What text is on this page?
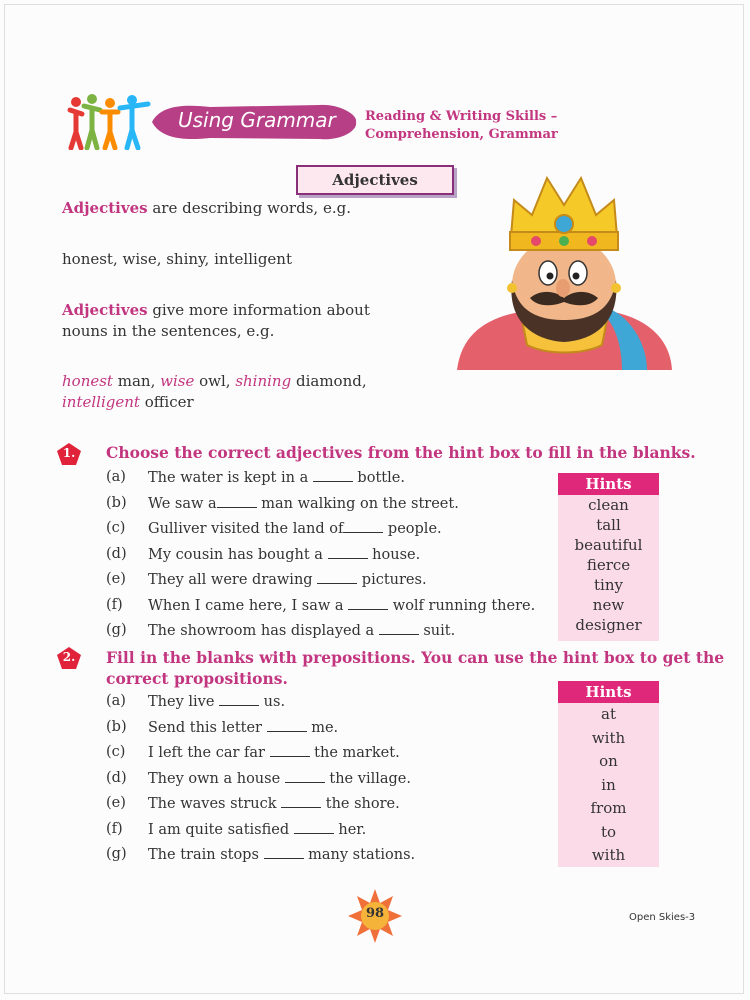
Using Grammar Reading & Writing Skills –
Comprehension, Grammar
Adjectives
Adjectives are describing words, e.g.
honest, wise, shiny, intelligent
Adjectives give more information about
nouns in the sentences, e.g.
honest man, wise owl, shining diamond,
intelligent officer
1.	Choose the correct adjectives from the hint box to fill in the blanks.
(a) The water is kept in a	bottle.
(b) We saw a	man walking on the street.
(c) Gulliver visited the land of	people.
(d) My cousin has bought a	house.
(e) They all were drawing	pictures.
(f) When I came here, I saw a	wolf running there.
(g) The showroom has displayed a	suit.
Hints
clean
tall
beautiful
fierce
tiny
new
designer
2.	Fill in the blanks with prepositions. You can use the hint box to get the
correct propositions.
(a) They live	us.
(b) Send this letter	me.
(c) I left the car far	the market.
(d) They own a house	the village.
(e) The waves struck	the shore.
(f) I am quite satisfied	her.
(g) The train stops	many stations.
Hints
at
with
on
in
from
to
with
98	Open Skies-3
